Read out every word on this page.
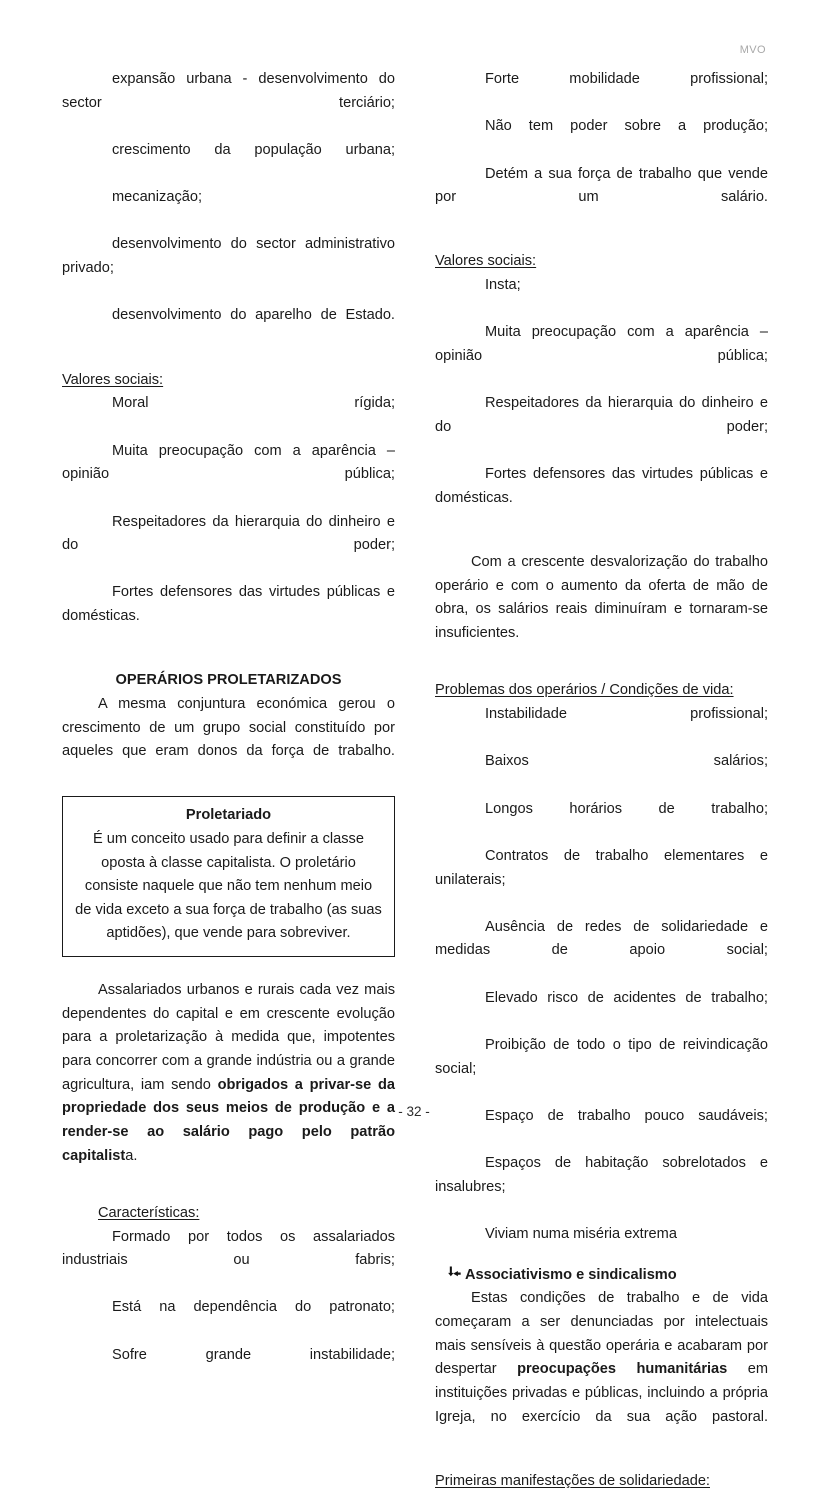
MVO
expansão urbana - desenvolvimento do sector terciário;
crescimento da população urbana;
mecanização;
desenvolvimento do sector administrativo privado;
desenvolvimento do aparelho de Estado.
Valores sociais:
Moral rígida;
Muita preocupação com a aparência – opinião pública;
Respeitadores da hierarquia do dinheiro e do poder;
Fortes defensores das virtudes públicas e domésticas.
OPERÁRIOS PROLETARIZADOS
A mesma conjuntura económica gerou o crescimento de um grupo social constituído por aqueles que eram donos da força de trabalho.
Proletariado
É um conceito usado para definir a classe oposta à classe capitalista. O proletário consiste naquele que não tem nenhum meio de vida exceto a sua força de trabalho (as suas aptidões), que vende para sobreviver.
Assalariados urbanos e rurais cada vez mais dependentes do capital e em crescente evolução para a proletarização à medida que, impotentes para concorrer com a grande indústria ou a grande agricultura, iam sendo obrigados a privar-se da propriedade dos seus meios de produção e a render-se ao salário pago pelo patrão capitalista.
Características:
Formado por todos os assalariados industriais ou fabris;
Está na dependência do patronato;
Sofre grande instabilidade;
Forte mobilidade profissional;
Não tem poder sobre a produção;
Detém a sua força de trabalho que vende por um salário.
Valores sociais:
Insta;
Muita preocupação com a aparência – opinião pública;
Respeitadores da hierarquia do dinheiro e do poder;
Fortes defensores das virtudes públicas e domésticas.
Com a crescente desvalorização do trabalho operário e com o aumento da oferta de mão de obra, os salários reais diminuíram e tornaram-se insuficientes.
Problemas dos operários / Condições de vida:
Instabilidade profissional;
Baixos salários;
Longos horários de trabalho;
Contratos de trabalho elementares e unilaterais;
Ausência de redes de solidariedade e medidas de apoio social;
Elevado risco de acidentes de trabalho;
Proibição de todo o tipo de reivindicação social;
Espaço de trabalho pouco saudáveis;
Espaços de habitação sobrelotados e insalubres;
Viviam numa miséria extrema
Associativismo e sindicalismo
Estas condições de trabalho e de vida começaram a ser denunciadas por intelectuais mais sensíveis à questão operária e acabaram por despertar preocupações humanitárias em instituições privadas e públicas, incluindo a própria Igreja, no exercício da sua ação pastoral.
Primeiras manifestações de solidariedade:
- 32 -
